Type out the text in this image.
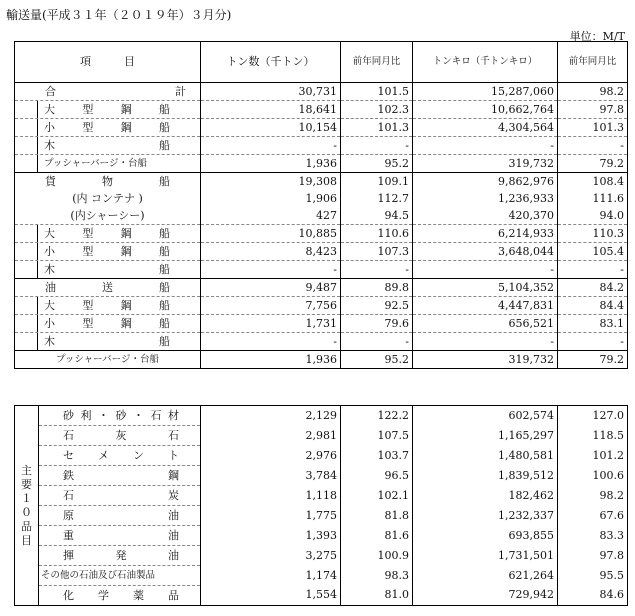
輸送量(平成３１年（２０１９年）３月分)
単位：M/T
項　　　目	トン数（千トン）	前年同月比	トンキロ（千トンキロ）	前年同月比

合　　　　　　計	30,731	101.5	15,287,060	98.2

大　型　鋼　船	18,641	102.3	10,662,764	97.8

小　型　鋼　船	10,154	101.3	4,304,564	101.3

木　　　　船	-	-	-	-

プッシャーバージ・台船	1,936	95.2	319,732	79.2

貨　　物　　船	19,308	109.1	9,862,976	108.4

(内 コンテナ )	1,906	112.7	1,236,933	111.6

(内シャーシー)	427	94.5	420,370	94.0

大　型　鋼　船	10,885	110.6	6,214,933	110.3

小　型　鋼　船	8,423	107.3	3,648,044	105.4

木　　　　船	-	-	-	-

油　　送　　船	9,487	89.8	5,104,352	84.2

大　型　鋼　船	7,756	92.5	4,447,831	84.4

小　型　鋼　船	1,731	79.6	656,521	83.1

木　　　　船	-	-	-	-

プッシャーバージ・台船	1,936	95.2	319,732	79.2
主要１０品目	砂利・砂・石材	2,129	122.2	602,574	127.0

	石　灰　石	2,981	107.5	1,165,297	118.5

	セ　メ　ン　ト	2,976	103.7	1,480,581	101.2

	鉄　　　鋼	3,784	96.5	1,839,512	100.6

	石　　　炭	1,118	102.1	182,462	98.2

	原　　　油	1,775	81.8	1,232,337	67.6

	重　　　油	1,393	81.6	693,855	83.3

	揮　発　油	3,275	100.9	1,731,501	97.8
	その他の石油及び石油製品	1,174	98.3	621,264	95.5

	化　学　薬　品	1,554	81.0	729,942	84.6
